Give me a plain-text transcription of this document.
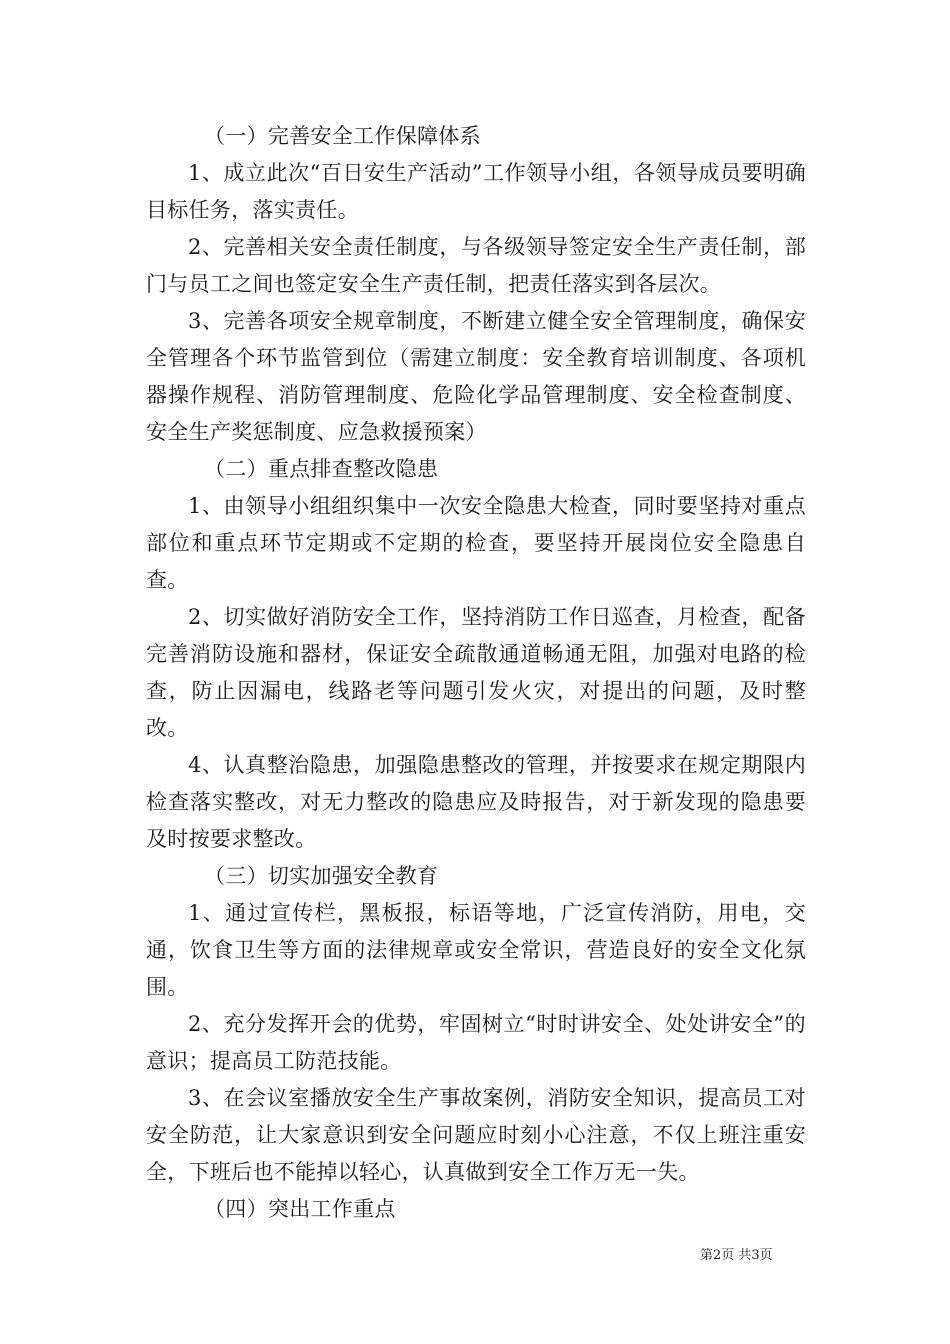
（一）完善安全工作保障体系

1、成立此次“百日安生产活动”工作领导小组，各领导成员要明确目标任务，落实责任。

2、完善相关安全责任制度，与各级领导签定安全生产责任制，部门与员工之间也签定安全生产责任制，把责任落实到各层次。

3、完善各项安全规章制度，不断建立健全安全管理制度，确保安全管理各个环节监管到位（需建立制度：安全教育培训制度、各项机器操作规程、消防管理制度、危险化学品管理制度、安全检查制度、安全生产奖惩制度、应急救援预案）

（二）重点排查整改隐患

1、由领导小组组织集中一次安全隐患大检查，同时要坚持对重点部位和重点环节定期或不定期的检查，要坚持开展岗位安全隐患自查。

2、切实做好消防安全工作，坚持消防工作日巡查，月检查，配备完善消防设施和器材，保证安全疏散通道畅通无阻，加强对电路的检查，防止因漏电，线路老等问题引发火灾，对提出的问题，及时整改。

4、认真整治隐患，加强隐患整改的管理，并按要求在规定期限内检查落实整改，对无力整改的隐患应及時报告，对于新发现的隐患要及时按要求整改。

（三）切实加强安全教育

1、通过宣传栏，黑板报，标语等地，广泛宣传消防，用电，交通，饮食卫生等方面的法律规章或安全常识，营造良好的安全文化氛围。

2、充分发挥开会的优势，牢固树立“时时讲安全、处处讲安全”的意识；提高员工防范技能。

3、在会议室播放安全生产事故案例，消防安全知识，提高员工对安全防范，让大家意识到安全问题应时刻小心注意，不仅上班注重安全，下班后也不能掉以轻心，认真做到安全工作万无一失。

（四）突出工作重点

第2页 共3页
